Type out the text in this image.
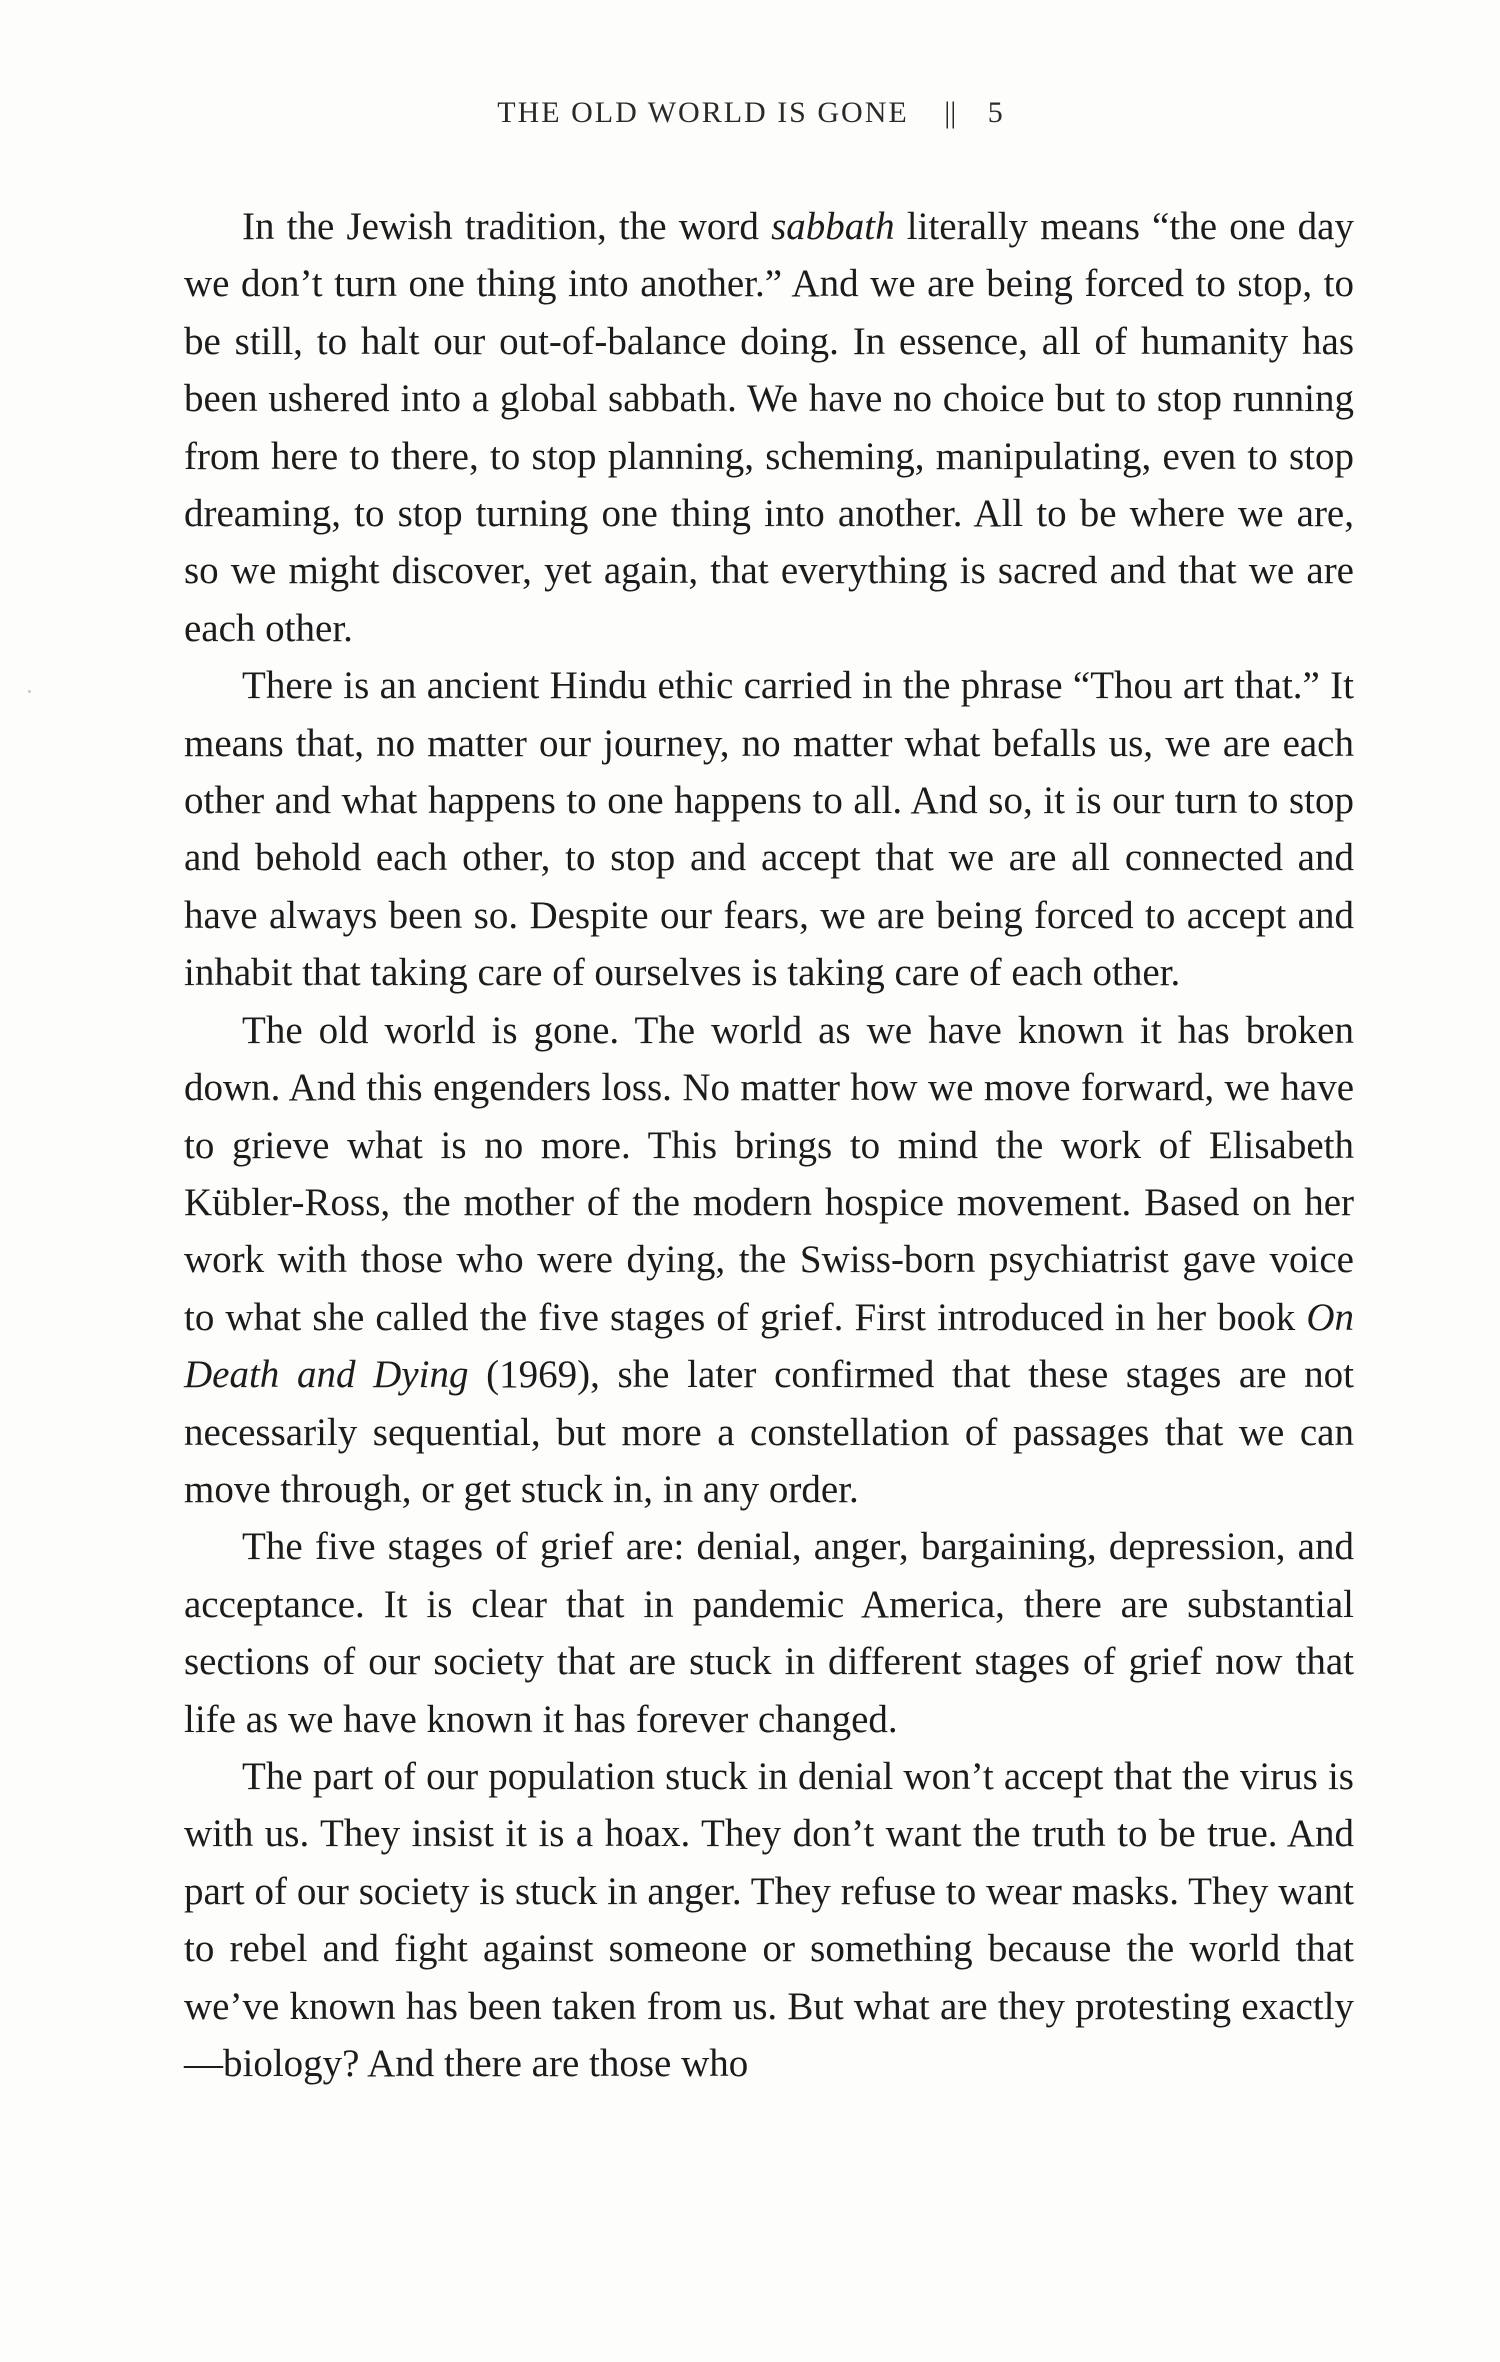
THE OLD WORLD IS GONE || 5

In the Jewish tradition, the word sabbath literally means “the one day we don’t turn one thing into another.” And we are being forced to stop, to be still, to halt our out-of-balance doing. In essence, all of humanity has been ushered into a global sabbath. We have no choice but to stop running from here to there, to stop planning, scheming, manipulating, even to stop dreaming, to stop turning one thing into another. All to be where we are, so we might discover, yet again, that everything is sacred and that we are each other.

There is an ancient Hindu ethic carried in the phrase “Thou art that.” It means that, no matter our journey, no matter what befalls us, we are each other and what happens to one happens to all. And so, it is our turn to stop and behold each other, to stop and accept that we are all connected and have always been so. Despite our fears, we are being forced to accept and inhabit that taking care of ourselves is taking care of each other.

The old world is gone. The world as we have known it has broken down. And this engenders loss. No matter how we move forward, we have to grieve what is no more. This brings to mind the work of Elisabeth Kübler-Ross, the mother of the modern hospice movement. Based on her work with those who were dying, the Swiss-born psychiatrist gave voice to what she called the five stages of grief. First introduced in her book On Death and Dying (1969), she later confirmed that these stages are not necessarily sequential, but more a constellation of passages that we can move through, or get stuck in, in any order.

The five stages of grief are: denial, anger, bargaining, depression, and acceptance. It is clear that in pandemic America, there are substantial sections of our society that are stuck in different stages of grief now that life as we have known it has forever changed.

The part of our population stuck in denial won’t accept that the virus is with us. They insist it is a hoax. They don’t want the truth to be true. And part of our society is stuck in anger. They refuse to wear masks. They want to rebel and fight against someone or something because the world that we’ve known has been taken from us. But what are they protesting exactly—biology? And there are those who
